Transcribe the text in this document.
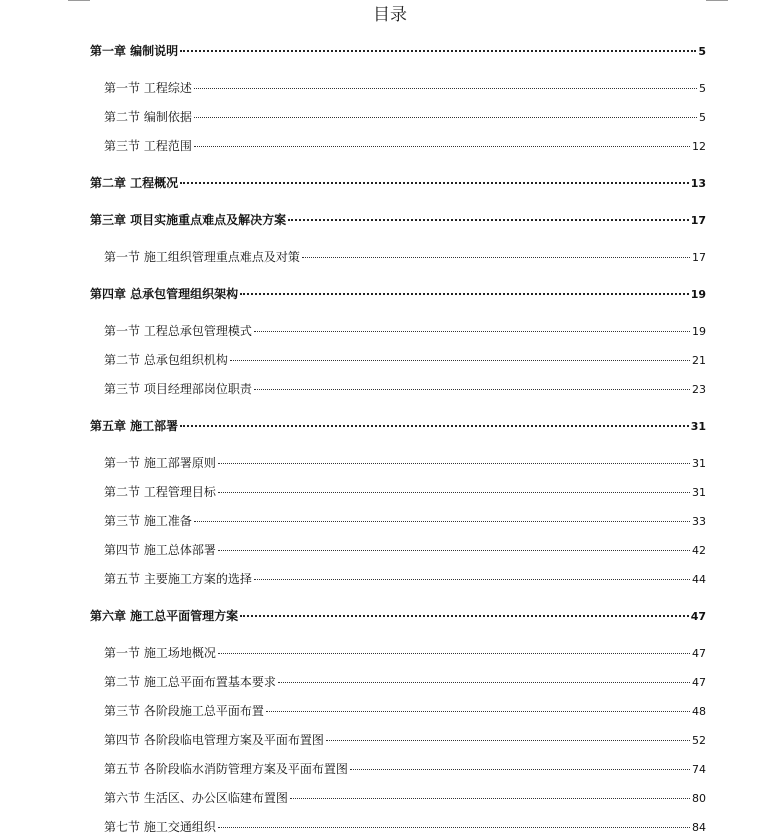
目录
第一章 编制说明	5
第一节 工程综述	5
第二节 编制依据	5
第三节 工程范围	12
第二章 工程概况	13
第三章 项目实施重点难点及解决方案	17
第一节 施工组织管理重点难点及对策	17
第四章 总承包管理组织架构	19
第一节 工程总承包管理模式	19
第二节 总承包组织机构	21
第三节 项目经理部岗位职责	23
第五章 施工部署	31
第一节 施工部署原则	31
第二节 工程管理目标	31
第三节 施工准备	33
第四节 施工总体部署	42
第五节 主要施工方案的选择	44
第六章 施工总平面管理方案	47
第一节 施工场地概况	47
第二节 施工总平面布置基本要求	47
第三节 各阶段施工总平面布置	48
第四节 各阶段临电管理方案及平面布置图	52
第五节 各阶段临水消防管理方案及平面布置图	74
第六节 生活区、办公区临建布置图	80
第七节 施工交通组织	84
